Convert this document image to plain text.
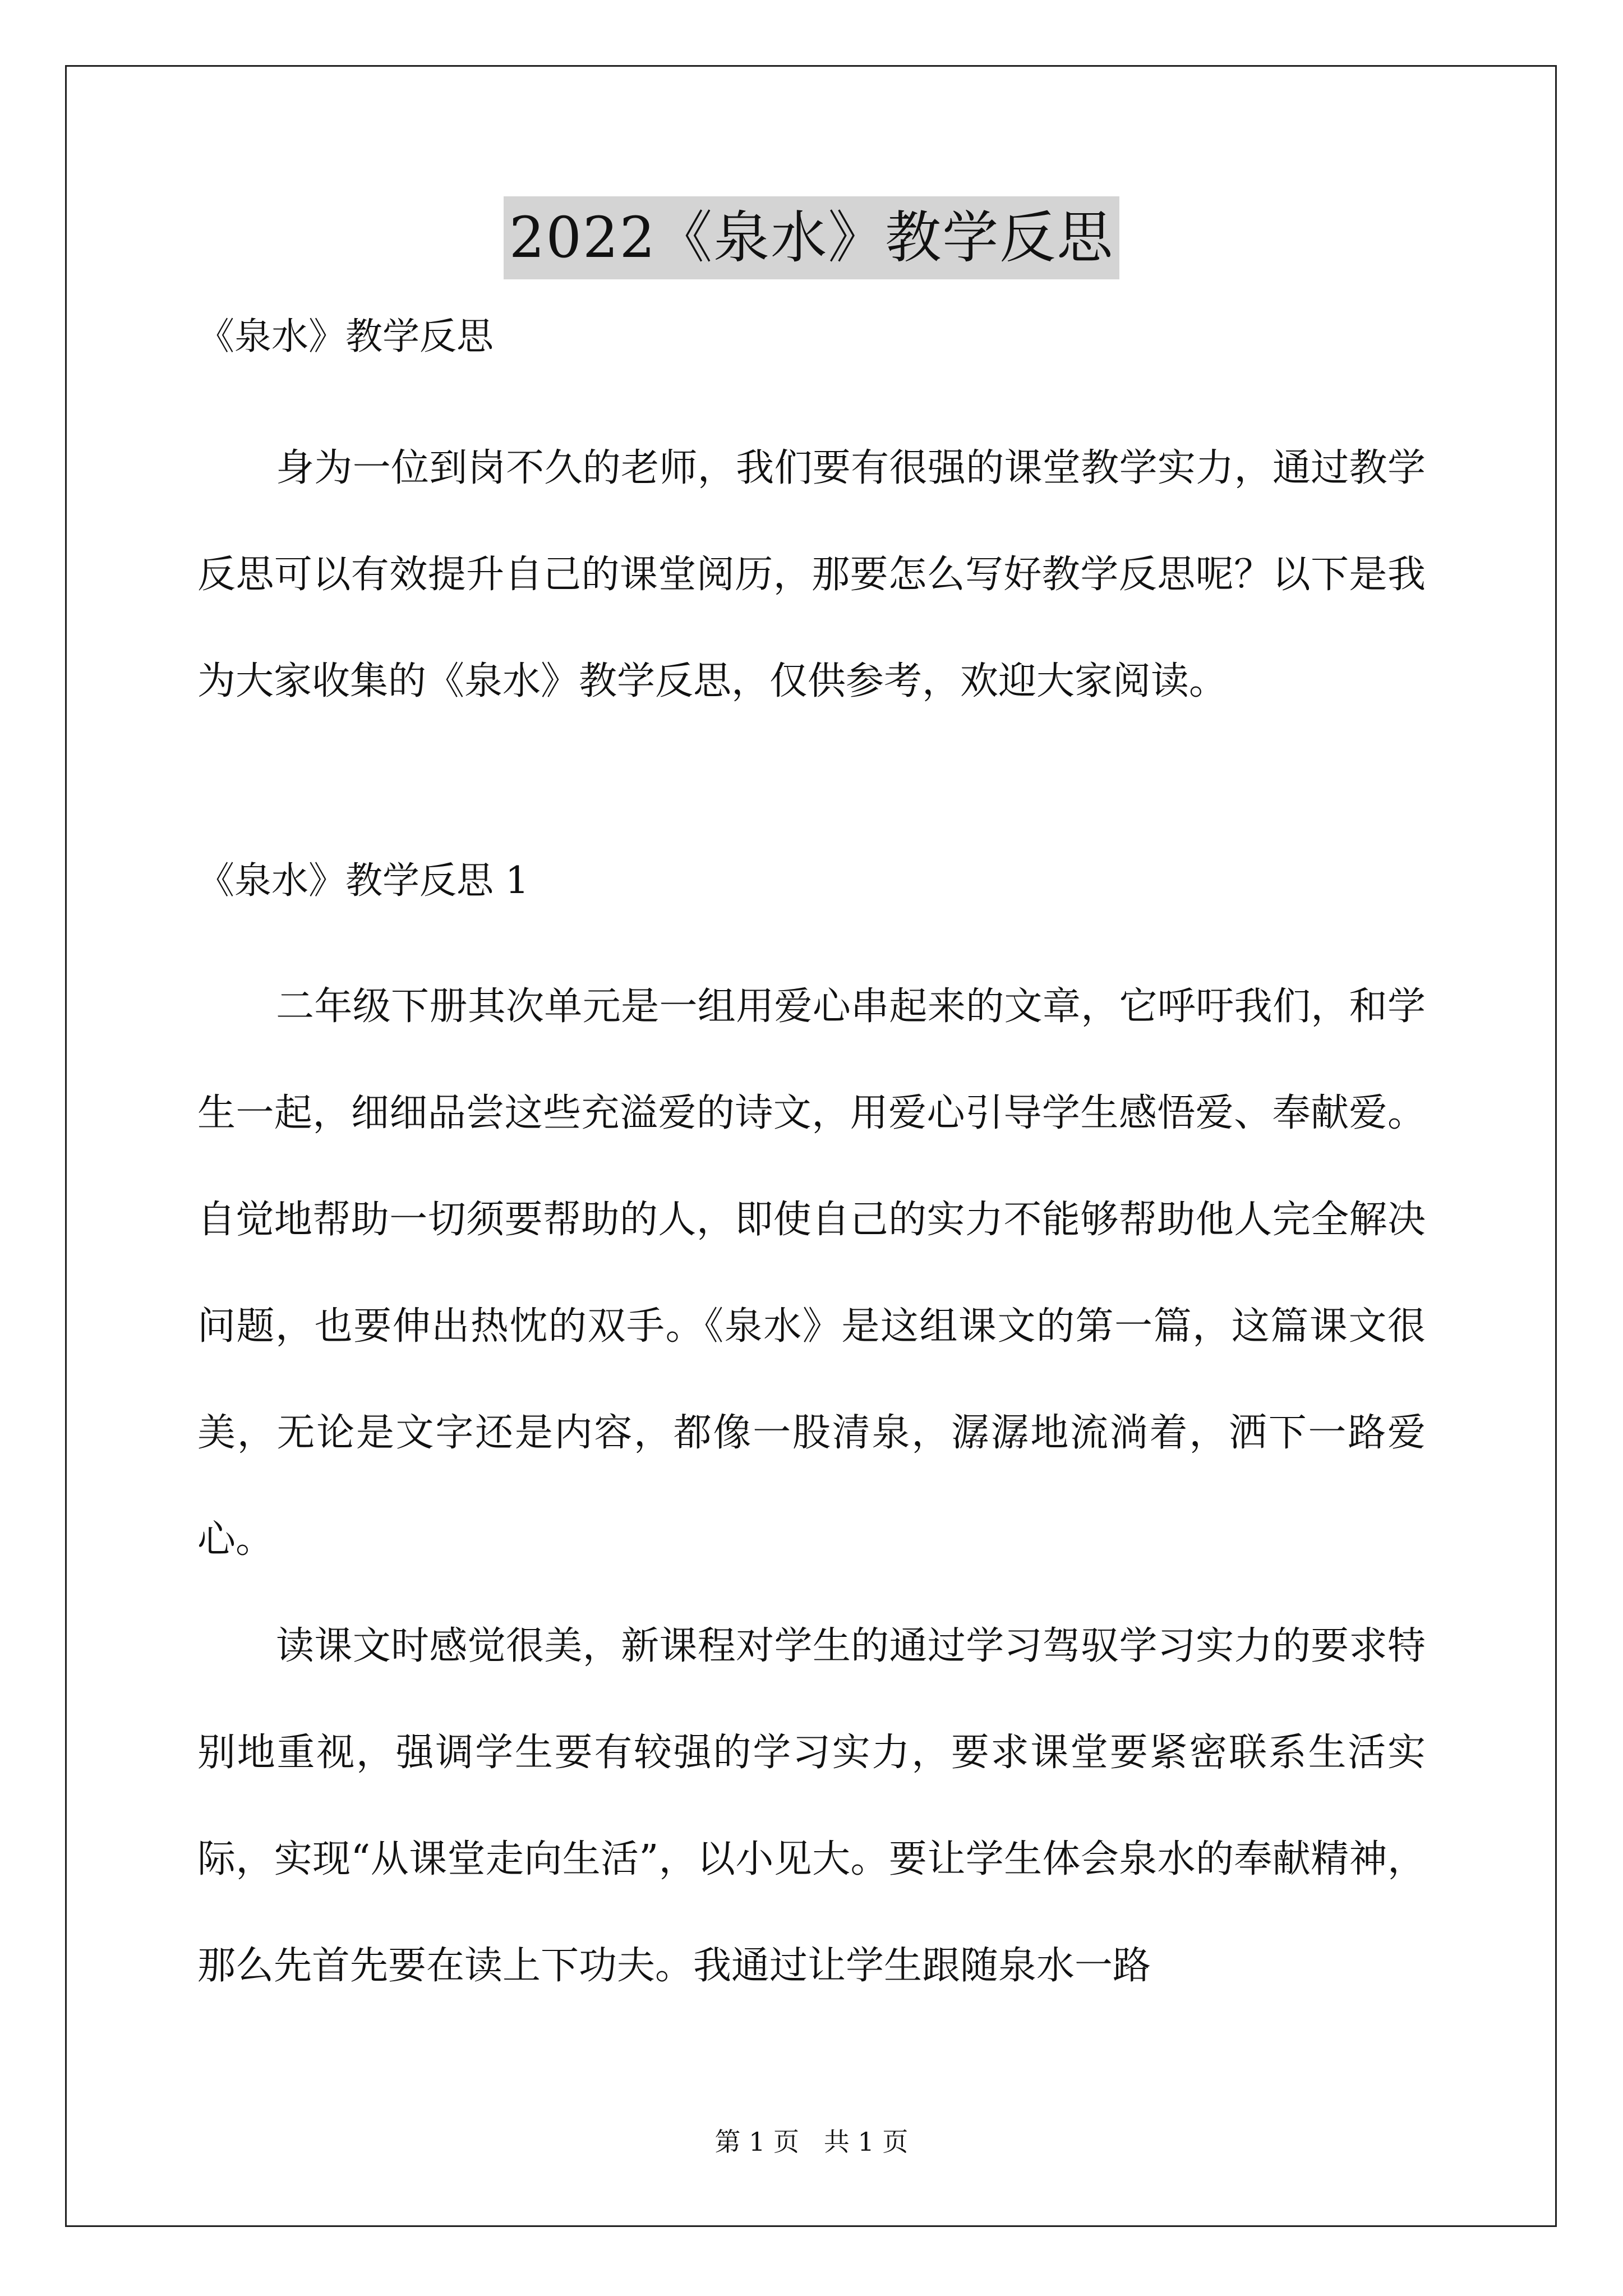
2022《泉水》教学反思

《泉水》教学反思

身为一位到岗不久的老师，我们要有很强的课堂教学实力，通过教学反思可以有效提升自己的课堂阅历，那要怎么写好教学反思呢？以下是我为大家收集的《泉水》教学反思，仅供参考，欢迎大家阅读。

《泉水》教学反思 1

二年级下册其次单元是一组用爱心串起来的文章，它呼吁我们，和学生一起，细细品尝这些充溢爱的诗文，用爱心引导学生感悟爱、奉献爱。自觉地帮助一切须要帮助的人，即使自己的实力不能够帮助他人完全解决问题，也要伸出热忱的双手。《泉水》是这组课文的第一篇，这篇课文很美，无论是文字还是内容，都像一股清泉，潺潺地流淌着，洒下一路爱心。

读课文时感觉很美，新课程对学生的通过学习驾驭学习实力的要求特别地重视，强调学生要有较强的学习实力，要求课堂要紧密联系生活实际，实现“从课堂走向生活”，以小见大。要让学生体会泉水的奉献精神，那么先首先要在读上下功夫。我通过让学生跟随泉水一路

第 1 页   共 1 页
